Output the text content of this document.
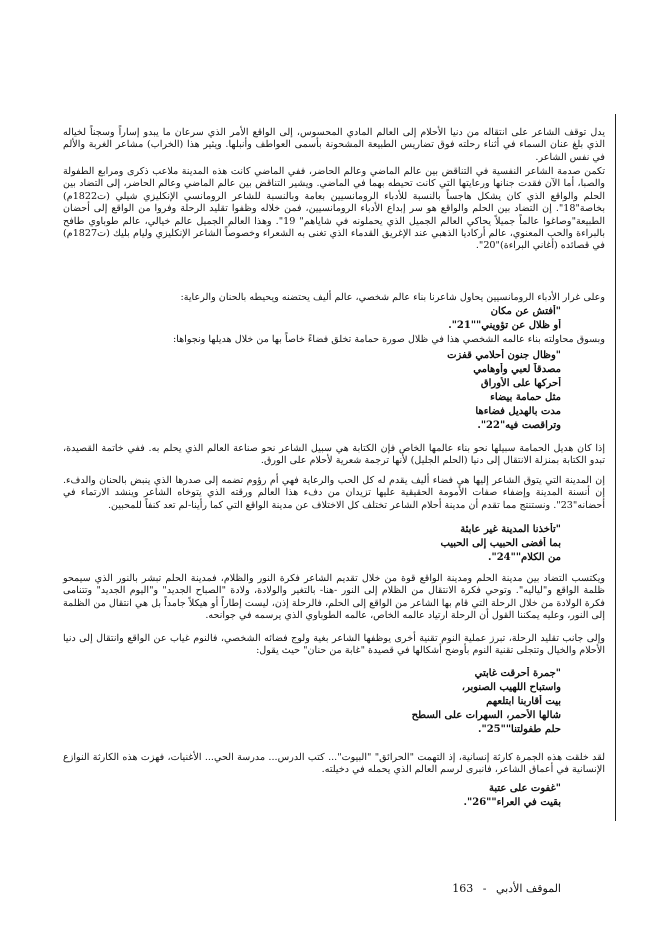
يدل توقف الشاعر على انتقاله من دنيا الأحلام إلى العالم المادي المحسوس، إلى الواقع الأمر الذي سرعان ما يبدو إساراً وسجناً لخياله الذي بلغ عنان السماء في أثناء رحلته فوق تضاريس الطبيعة المشحونة بأسمى العواطف وأنبلها. ويثير هذا (الخراب) مشاعر الغربة والألم في نفس الشاعر.

تكمن صدمة الشاعر النفسية في التناقض بين عالم الماضي وعالم الحاضر، ففي الماضي كانت هذه المدينة ملاعب ذكرى ومرابع الطفولة والصبا، أما الآن فقدت جنانها ورعايتها التي كانت تحيطه بهما في الماضي. ويشير التناقض بين عالم الماضي وعالم الحاضر، إلى التضاد بين الحلم والواقع الذي كان يشكل هاجساً بالنسبة للأدباء الرومانسيين بعامة وبالنسبة للشاعر الرومانسي الإنكليزي شيلي (ت1822م) بخاصة"18". إن التضاد بين الحلم والواقع هو سر إبداع الأدباء الرومانسيين، فمن خلاله وظفوا تقليد الرحلة وفروا من الواقع إلى أحضان الطبيعة"وصاغوا عالماً جميلاً يحاكي العالم الجميل الذي يحملونه في شاياهم" 19". وهذا العالم الجميل عالم خيالي، عالم طوباوي طافح بالبراءة والحب المعنوي، عالم أركاديا الذهبي عند الإغريق القدماء الذي تغنى به الشعراء وخصوصاً الشاعر الإنكليزي وليام بليك (ت1827م) في قصائده (أغاني البراءة)"20".

وعلى غرار الأدباء الرومانسيين يحاول شاعرنا بناء عالم شخصي، عالم أليف يحتضنه ويحيطه بالحنان والرعاية:

"أفتش عن مكان
أو ظلال عن تؤويني""21".

وبسوق محاولته بناء عالمه الشخصي هذا في ظلال صورة حمامة تخلق فضاءً خاصاً بها من خلال هديلها ونجواها:

"وظال جنون أحلامي قفزت
مصدقاً لعبي وأوهامي
أحركها على الأوراق
مثل حمامة بيضاء
مدت بالهديل فضاءها
وتراقصت فيه"22".

إذا كان هديل الحمامة سبيلها نحو بناء عالمها الخاص فإن الكتابة هي سبيل الشاعر نحو صناعة العالم الذي يحلم به. ففي خاتمة القصيدة، تبدو الكتابة بمنزلة الانتقال إلى دنيا (الحلم الجليل) لأنها ترجمة شعرية لأحلام على الورق.

إن المدينة التي يتوق الشاعر إليها هي فضاء أليف يقدم له كل الحب والرعاية فهي أم رؤوم تضمه إلى صدرها الذي ينبض بالحنان والدفء. إن أنسنة المدينة وإضفاء صفات الأمومة الحقيقية عليها تزيدان من دفء هذا العالم ورقته الذي يتوخاه الشاعر وينشد الارتماء في أحضانه"23". ونستنتج مما تقدم أن مدينة أحلام الشاعر تختلف كل الاختلاف عن مدينة الواقع التي كما رأينا-لم تعد كنفاً للمحبين.

"تأخذنا المدينة غير عابئة
بما أفضى الحبيب إلى الحبيب
من الكلام""24".

ويكتسب التضاد بين مدينة الحلم ومدينة الواقع قوة من خلال تقديم الشاعر فكرة النور والظلام، فمدينة الحلم تبشر بالنور الذي سيمحو ظلمة الواقع و"لياليه". وتوحي فكرة الانتقال من الظلام إلى النور -هنا- بالتغير والولادة، ولادة "الصباح الجديد" و"اليوم الجديد" وتتنامى فكرة الولادة من خلال الرحلة التي قام بها الشاعر من الواقع إلى الحلم، فالرحلة إذن، ليست إطاراً أو هيكلاً جامداً بل هي انتقال من الظلمة إلى النور، وعليه يمكننا القول أن الرحلة ارتياد عالمه الخاص، عالمه الطوباوي الذي يرسمه في جوانحه.

وإلى جانب تقليد الرحلة، تبرز عملية النوم تقنية أخرى يوظفها الشاعر بغية ولوج فضائه الشخصي، فالنوم غياب عن الواقع وانتقال إلى دنيا الأحلام والخيال وتتجلى تقنية النوم بأوضح أشكالها في قصيدة "غابة من حنان" حيث يقول:

"جمرة أحرقت غابتي
واستباح اللهيب الصنوبر،
بيت أقاربنا ابتلعهم
شالها الأحمر، السهرات على السطح
حلم طفولتنا""25".

لقد خلقت هذه الجمرة كارثة إنسانية، إذ التهمت "الحرائق" "البيوت"... كتب الدرس... مدرسة الحي... الأغنيات، فهزت هذه الكارثة النوازع الإنسانية في أعماق الشاعر، فانبرى لرسم العالم الذي يحمله في دخيلته.

"غفوت على عتبة
بقيت في العراء""26".
الموقف الأدبي - 163
